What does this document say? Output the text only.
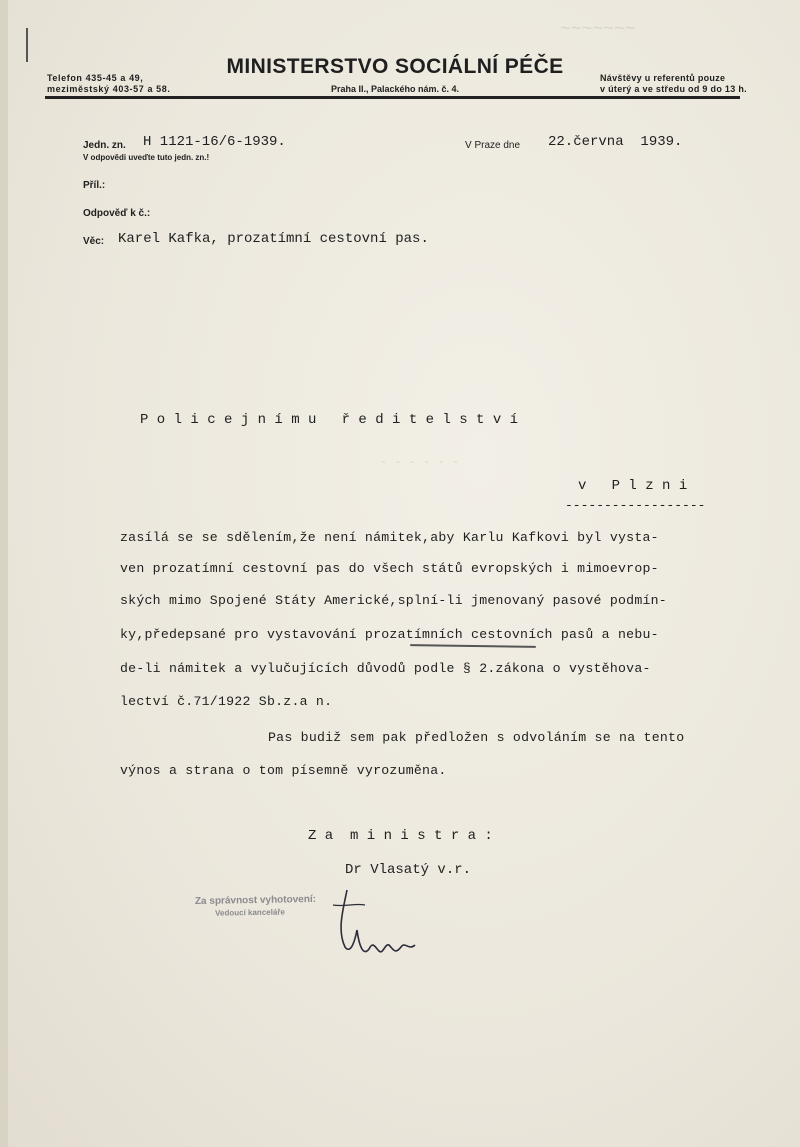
~~~~~~~
- - - - - -
Telefon 435-45 a 49,
meziměstský 403-57 a 58.
MINISTERSTVO SOCIÁLNÍ PÉČE
Praha II., Palackého nám. č. 4.
Návštěvy u referentů pouze
v úterý a ve středu od 9 do 13 h.
Jedn. zn. H 1121-16/6-1939.
V odpovědi uveďte tuto jedn. zn.!
V Praze dne 22.června  1939.
Příl.:
Odpověď k č.:
Věc: Karel Kafka, prozatímní cestovní pas.
P o l i c e j n í m u   ř e d i t e l s t v í
v   P l z n i
------------------
zasílá se se sdělením,že není námitek,aby Karlu Kafkovi byl vysta-
ven prozatímní cestovní pas do všech států evropských i mimoevrop-
ských mimo Spojené Státy Americké,splní-li jmenovaný pasové podmín-
ky,předepsané pro vystavování prozatímních cestovních pasů a nebu-
de-li námitek a vylučujících důvodů podle § 2.zákona o vystěhova-
lectví č.71/1922 Sb.z.a n.
Pas budiž sem pak předložen s odvoláním se na tento
výnos a strana o tom písemně vyrozuměna.
Z a  m i n i s t r a :
Dr Vlasatý v.r.
Za správnost vyhotovení:
Vedoucí kanceláře
